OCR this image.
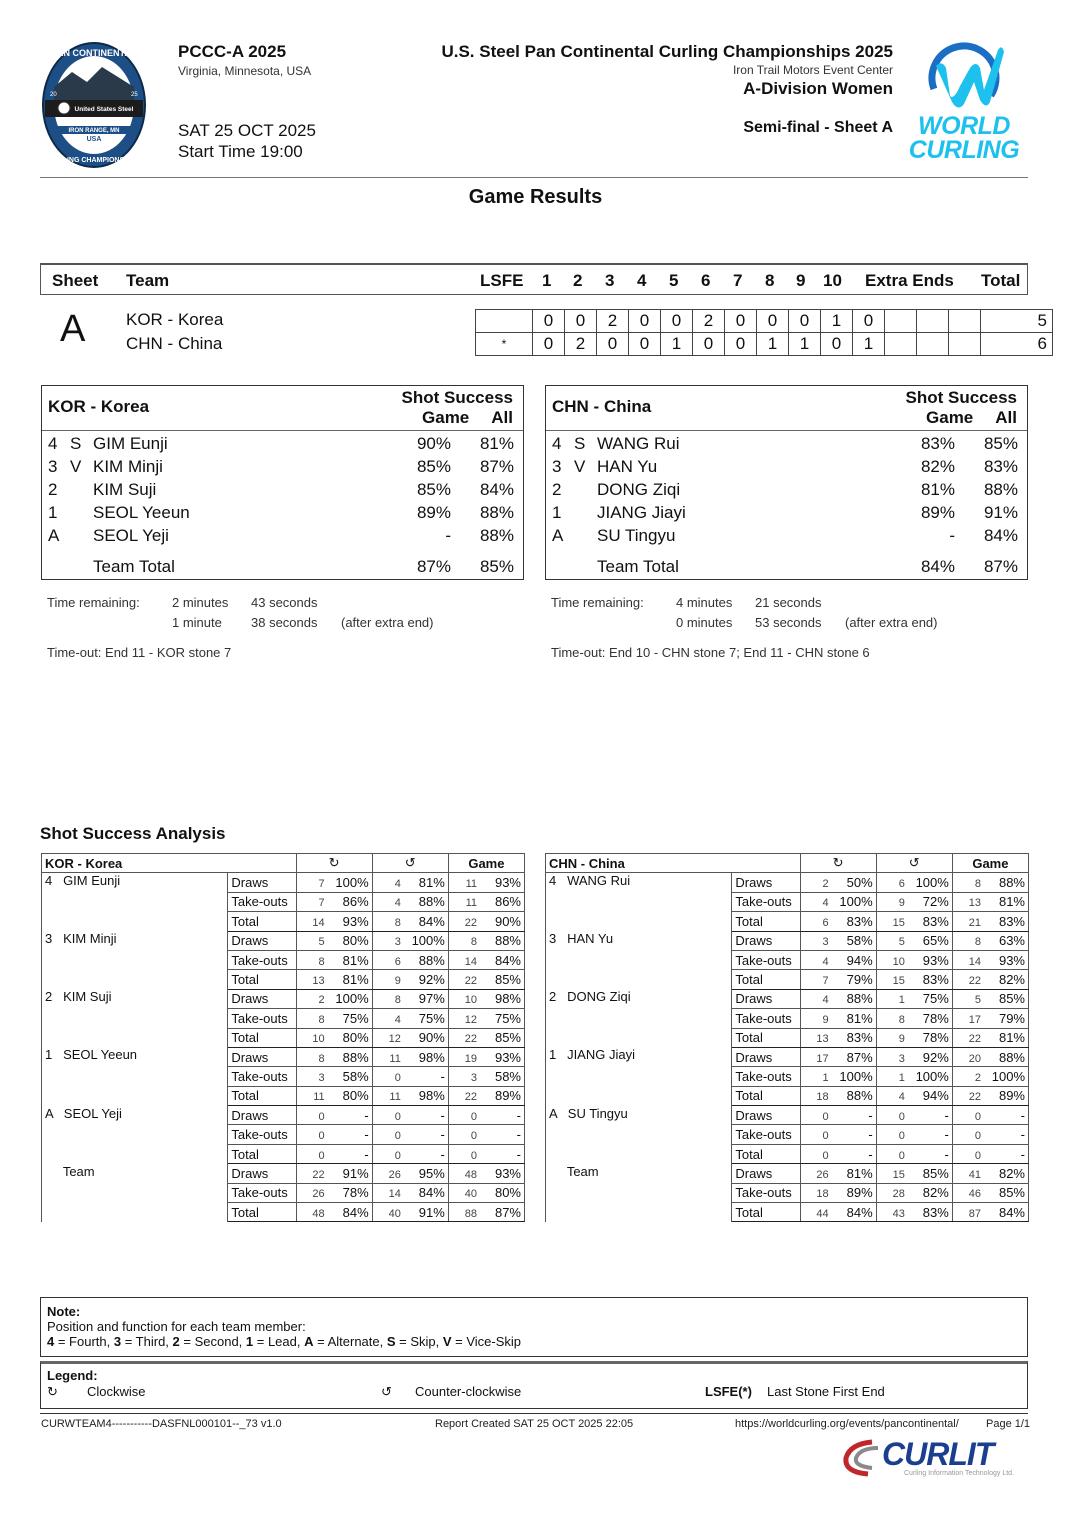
United States Steel
IRON RANGE, MN
USA
PAN CONTINENTAL
CURLING CHAMPIONSHIPS
20	25
PCCC-A 2025
Virginia, Minnesota, USA
SAT 25 OCT 2025
Start Time 19:00
U.S. Steel Pan Continental Curling Championships 2025
Iron Trail Motors Event Center
A-Division Women
Semi-final - Sheet A	WORLD
CURLING
Game Results
Sheet Team	LSFE 1 2 3 4 5 6 7 8 9 10 Extra Ends Total
A KOR - Korea
CHN - China
	0	0	2	0	0	2	0	0	0	1	0				5
*	0	2	0	0	1	0	0	1	1	0	1				6
KOR - Korea	Shot Success
Game All
4 S GIM Eunji	90% 81%
3 V KIM Minji	85% 87%
2 KIM Suji	85% 84%
1 SEOL Yeeun	89% 88%
A SEOL Yeji	- 88%
Team Total	87% 85%
Time remaining: 2 minutes 43 seconds
1 minute 38 seconds (after extra end)
Time-out: End 11 - KOR stone 7
CHN - China	Shot Success
Game All
4 S WANG Rui	83% 85%
3 V HAN Yu	82% 83%
2 DONG Ziqi	81% 88%
1 JIANG Jiayi	89% 91%
A SU Tingyu	- 84%
Team Total	84% 87%
Time remaining: 4 minutes 21 seconds
0 minutes 53 seconds (after extra end)
Time-out: End 10 - CHN stone 7; End 11 - CHN stone 6
Shot Success Analysis
KOR - Korea		↻	↺	Game
4   GIM Eunji	Draws	7 100%	4 81%	11 93%
	Take-outs	7 86%	4 88%	11 86%
	Total	14 93%	8 84%	22 90%
3   KIM Minji	Draws	5 80%	3 100%	8 88%
	Take-outs	8 81%	6 88%	14 84%
	Total	13 81%	9 92%	22 85%
2   KIM Suji	Draws	2 100%	8 97%	10 98%
	Take-outs	8 75%	4 75%	12 75%
	Total	10 80%	12 90%	22 85%
1   SEOL Yeeun	Draws	8 88%	11 98%	19 93%
	Take-outs	3 58%	0 -	3 58%
	Total	11 80%	11 98%	22 89%
A   SEOL Yeji	Draws	0 -	0 -	0 -
	Take-outs	0 -	0 -	0 -
	Total	0 -	0 -	0 -
Team	Draws	22 91%	26 95%	48 93%
	Take-outs	26 78%	14 84%	40 80%
	Total	48 84%	40 91%	88 87%
CHN - China		↻	↺	Game
4   WANG Rui	Draws	2 50%	6 100%	8 88%
	Take-outs	4 100%	9 72%	13 81%
	Total	6 83%	15 83%	21 83%
3   HAN Yu	Draws	3 58%	5 65%	8 63%
	Take-outs	4 94%	10 93%	14 93%
	Total	7 79%	15 83%	22 82%
2   DONG Ziqi	Draws	4 88%	1 75%	5 85%
	Take-outs	9 81%	8 78%	17 79%
	Total	13 83%	9 78%	22 81%
1   JIANG Jiayi	Draws	17 87%	3 92%	20 88%
	Take-outs	1 100%	1 100%	2 100%
	Total	18 88%	4 94%	22 89%
A   SU Tingyu	Draws	0 -	0 -	0 -
	Take-outs	0 -	0 -	0 -
	Total	0 -	0 -	0 -
Team	Draws	26 81%	15 85%	41 82%
	Take-outs	18 89%	28 82%	46 85%
	Total	44 84%	43 83%	87 84%
Note:
Position and function for each team member:
4 = Fourth, 3 = Third, 2 = Second, 1 = Lead, A = Alternate, S = Skip, V = Vice-Skip
Legend:
↻ Clockwise	↺ Counter-clockwise	LSFE(*) Last Stone First End
CURWTEAM4-----------DASFNL000101--_73 v1.0	Report Created SAT 25 OCT 2025 22:05	https://worldcurling.org/events/pancontinental/ Page 1/1
CURLIT
Curling Information Technology Ltd.
